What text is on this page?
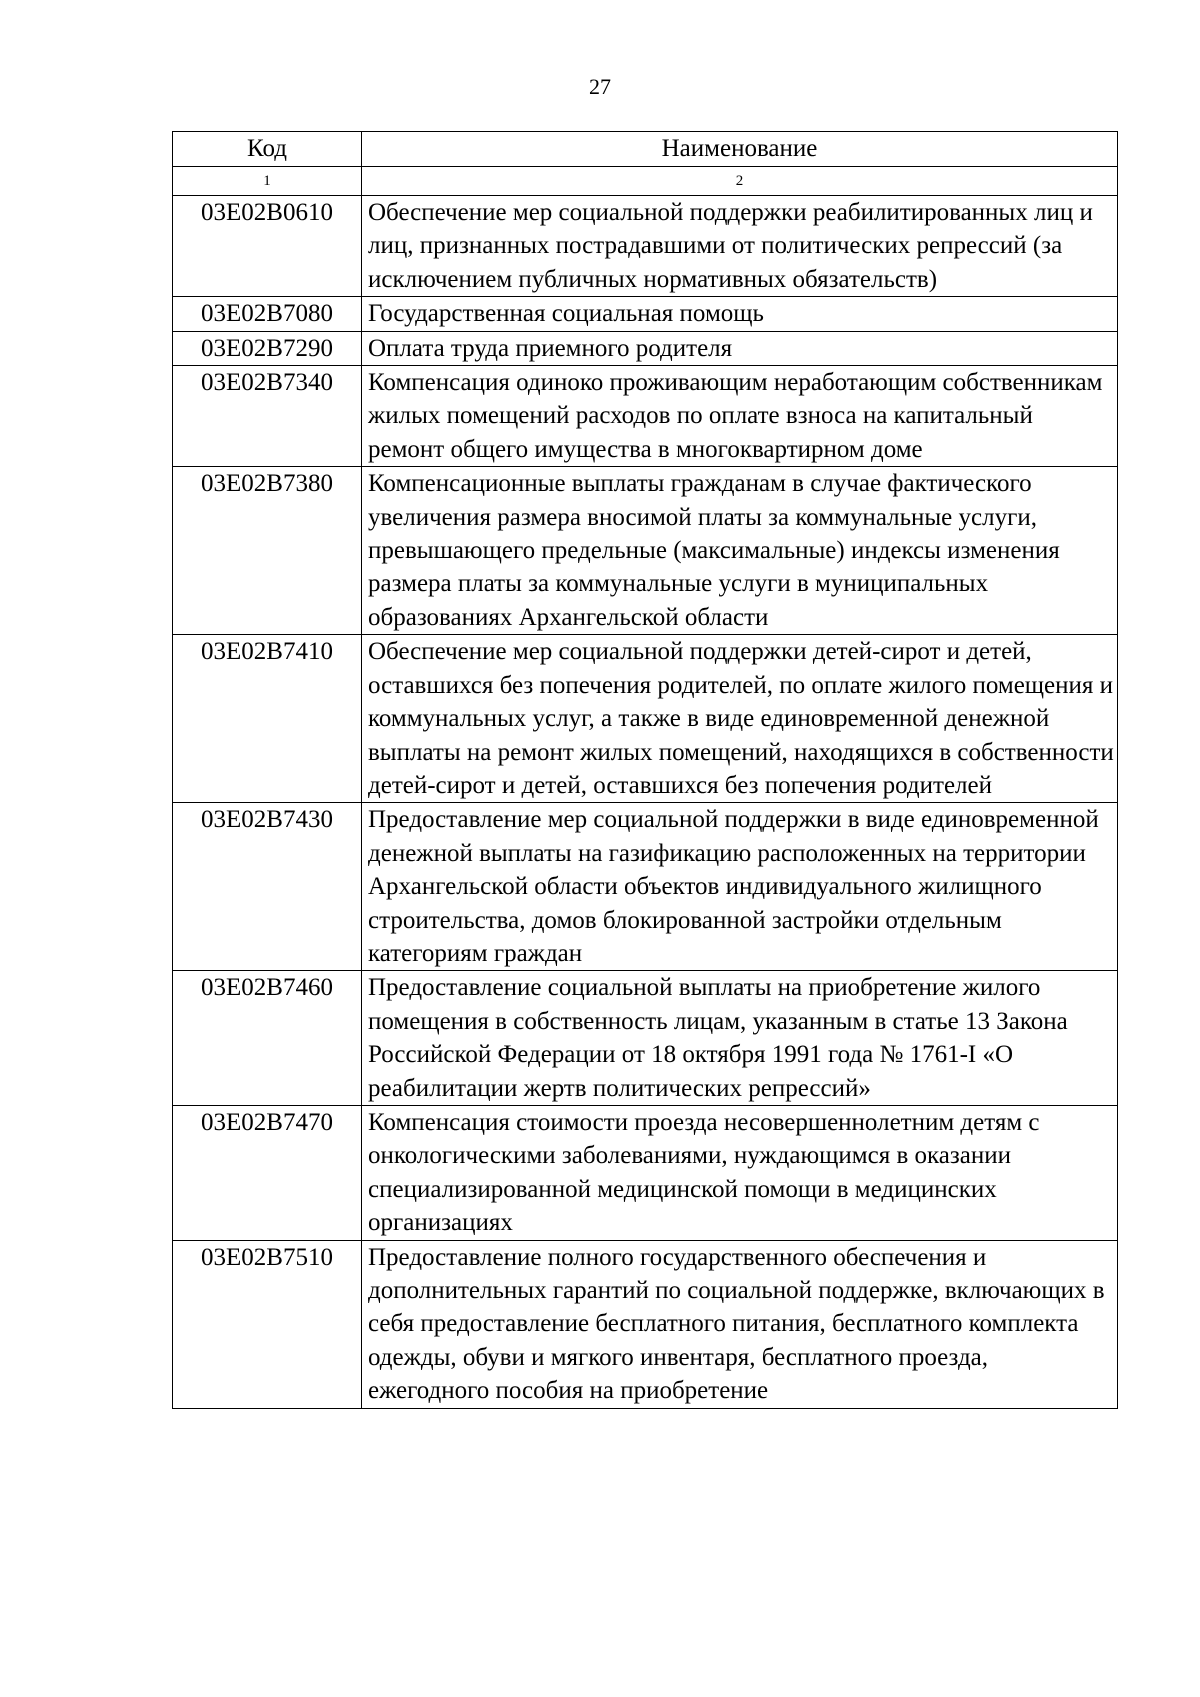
27
Код	Наименование
1	2
03Е02В0610	Обеспечение мер социальной поддержки реабилитированных лиц и лиц, признанных пострадавшими от политических репрессий (за исключением публичных нормативных обязательств)
03Е02В7080	Государственная социальная помощь
03Е02В7290	Оплата труда приемного родителя
03Е02В7340	Компенсация одиноко проживающим неработающим собственникам жилых помещений расходов по оплате взноса на капитальный ремонт общего имущества в многоквартирном доме
03Е02В7380	Компенсационные выплаты гражданам в случае фактического увеличения размера вносимой платы за коммунальные услуги, превышающего предельные (максимальные) индексы изменения размера платы за коммунальные услуги в муниципальных образованиях Архангельской области
03Е02В7410	Обеспечение мер социальной поддержки детей-сирот и детей, оставшихся без попечения родителей, по оплате жилого помещения и коммунальных услуг, а также в виде единовременной денежной выплаты на ремонт жилых помещений, находящихся в собственности детей-сирот и детей, оставшихся без попечения родителей
03Е02В7430	Предоставление мер социальной поддержки в виде единовременной денежной выплаты на газификацию расположенных на территории Архангельской области объектов индивидуального жилищного строительства, домов блокированной застройки отдельным категориям граждан
03Е02В7460	Предоставление социальной выплаты на приобретение жилого помещения в собственность лицам, указанным в статье 13 Закона Российской Федерации от 18 октября 1991 года № 1761-I «О реабилитации жертв политических репрессий»
03Е02В7470	Компенсация стоимости проезда несовершеннолетним детям с онкологическими заболеваниями, нуждающимся в оказании специализированной медицинской помощи в медицинских организациях
03Е02В7510	Предоставление полного государственного обеспечения и дополнительных гарантий по социальной поддержке, включающих в себя предоставление бесплатного питания, бесплатного комплекта одежды, обуви и мягкого инвентаря, бесплатного проезда, ежегодного пособия на приобретение
